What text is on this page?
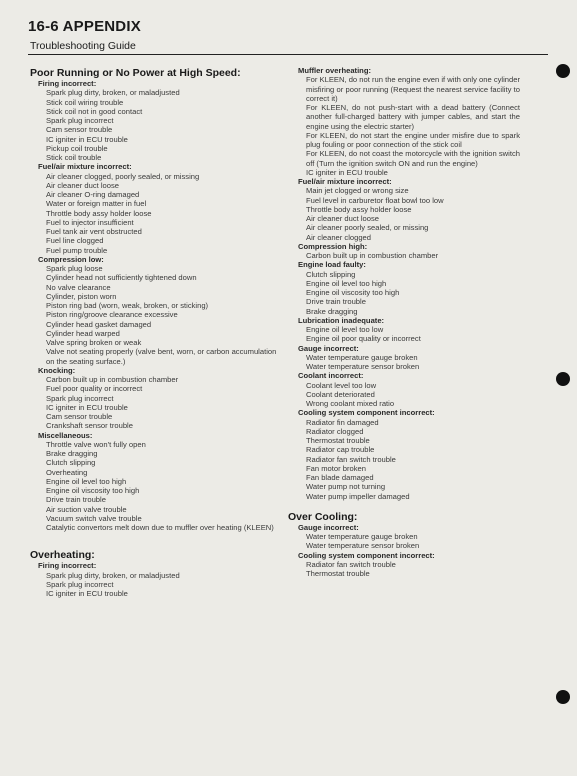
16-6 APPENDIX
Troubleshooting Guide
Poor Running or No Power at High Speed:
Firing incorrect:
Spark plug dirty, broken, or maladjusted
Stick coil wiring trouble
Stick coil not in good contact
Spark plug incorrect
Cam sensor trouble
IC igniter in ECU trouble
Pickup coil trouble
Stick coil trouble
Fuel/air mixture incorrect:
Air cleaner clogged, poorly sealed, or missing
Air cleaner duct loose
Air cleaner O-ring damaged
Water or foreign matter in fuel
Throttle body assy holder loose
Fuel to injector insufficient
Fuel tank air vent obstructed
Fuel line clogged
Fuel pump trouble
Compression low:
Spark plug loose
Cylinder head not sufficiently tightened down
No valve clearance
Cylinder, piston worn
Piston ring bad (worn, weak, broken, or sticking)
Piston ring/groove clearance excessive
Cylinder head gasket damaged
Cylinder head warped
Valve spring broken or weak
Valve not seating properly (valve bent, worn, or carbon accumulation on the seating surface.)
Knocking:
Carbon built up in combustion chamber
Fuel poor quality or incorrect
Spark plug incorrect
IC igniter in ECU trouble
Cam sensor trouble
Crankshaft sensor trouble
Miscellaneous:
Throttle valve won't fully open
Brake dragging
Clutch slipping
Overheating
Engine oil level too high
Engine oil viscosity too high
Drive train trouble
Air suction valve trouble
Vacuum switch valve trouble
Catalytic convertors melt down due to muffler over heating (KLEEN)
Overheating:
Firing incorrect:
Spark plug dirty, broken, or maladjusted
Spark plug incorrect
IC igniter in ECU trouble
Muffler overheating:
For KLEEN, do not run the engine even if with only one cylinder misfiring or poor running (Request the nearest service facility to correct it)
For KLEEN, do not push-start with a dead battery (Connect another full-charged battery with jumper cables, and start the engine using the electric starter)
For KLEEN, do not start the engine under misfire due to spark plug fouling or poor connection of the stick coil
For KLEEN, do not coast the motorcycle with the ignition switch off (Turn the ignition switch ON and run the engine)
IC igniter in ECU trouble
Fuel/air mixture incorrect:
Main jet clogged or wrong size
Fuel level in carburetor float bowl too low
Throttle body assy holder loose
Air cleaner duct loose
Air cleaner poorly sealed, or missing
Air cleaner clogged
Compression high:
Carbon built up in combustion chamber
Engine load faulty:
Clutch slipping
Engine oil level too high
Engine oil viscosity too high
Drive train trouble
Brake dragging
Lubrication inadequate:
Engine oil level too low
Engine oil poor quality or incorrect
Gauge incorrect:
Water temperature gauge broken
Water temperature sensor broken
Coolant incorrect:
Coolant level too low
Coolant deteriorated
Wrong coolant mixed ratio
Cooling system component incorrect:
Radiator fin damaged
Radiator clogged
Thermostat trouble
Radiator cap trouble
Radiator fan switch trouble
Fan motor broken
Fan blade damaged
Water pump not turning
Water pump impeller damaged
Over Cooling:
Gauge incorrect:
Water temperature gauge broken
Water temperature sensor broken
Cooling system component incorrect:
Radiator fan switch trouble
Thermostat trouble
